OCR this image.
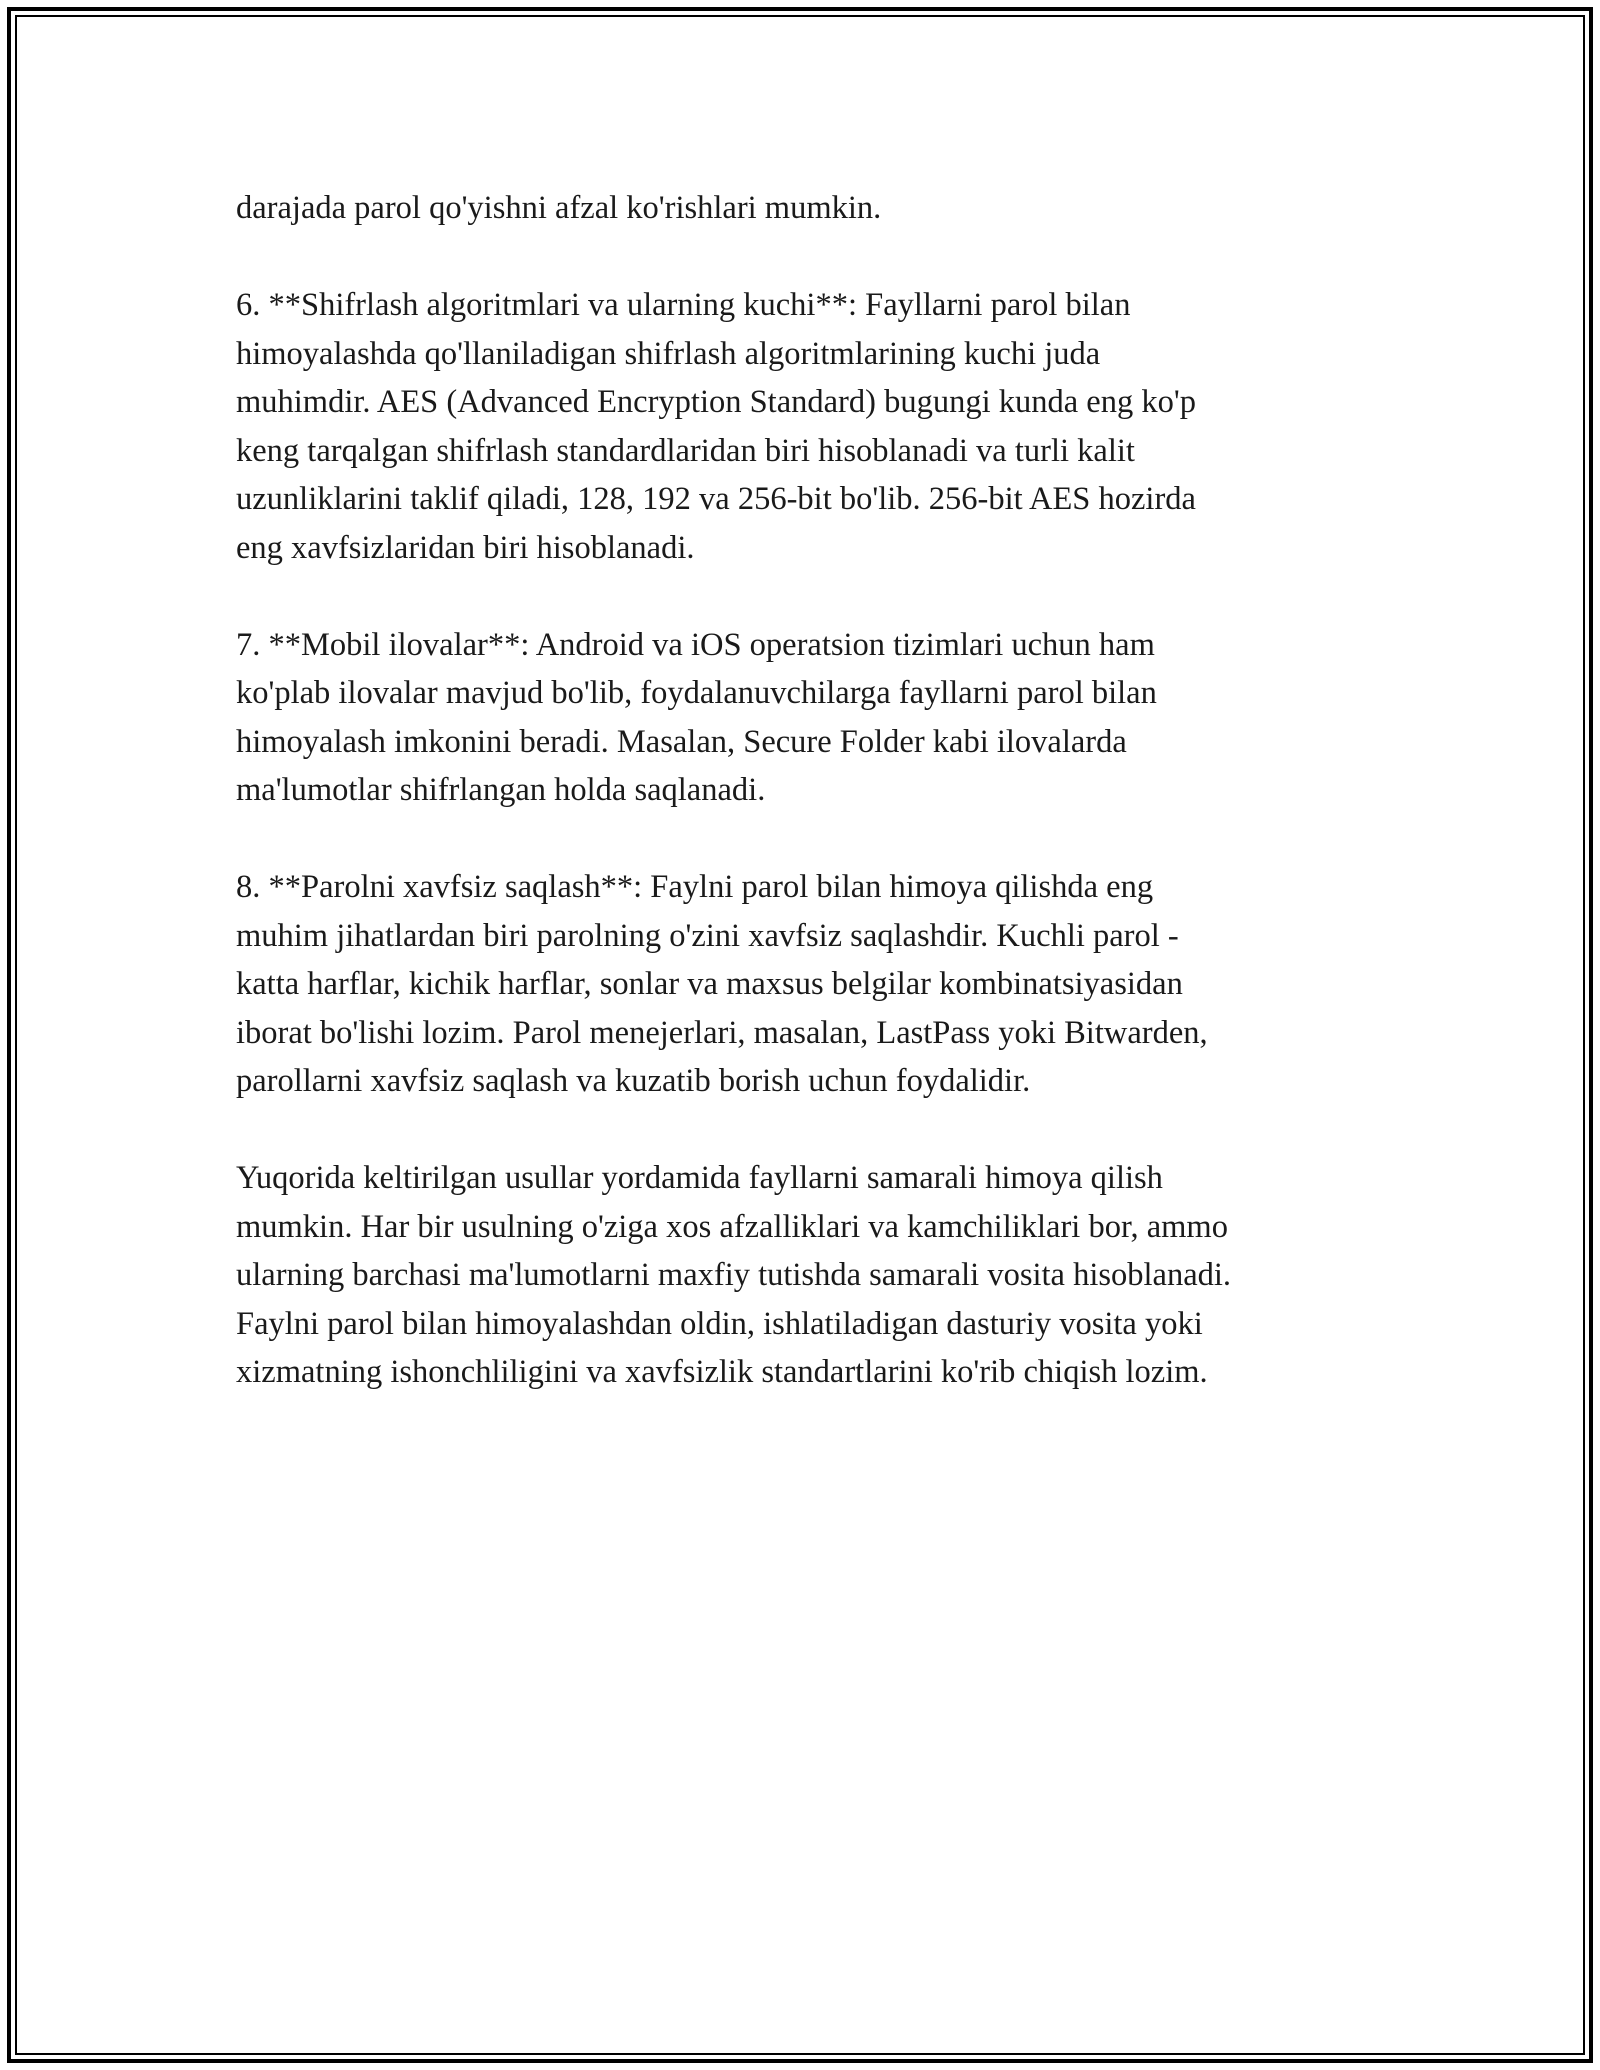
darajada parol qo'yishni afzal ko'rishlari mumkin.

6. **Shifrlash algoritmlari va ularning kuchi**: Fayllarni parol bilan
himoyalashda qo'llaniladigan shifrlash algoritmlarining kuchi juda
muhimdir. AES (Advanced Encryption Standard) bugungi kunda eng ko'p
keng tarqalgan shifrlash standardlaridan biri hisoblanadi va turli kalit
uzunliklarini taklif qiladi, 128, 192 va 256-bit bo'lib. 256-bit AES hozirda
eng xavfsizlaridan biri hisoblanadi.

7. **Mobil ilovalar**: Android va iOS operatsion tizimlari uchun ham
ko'plab ilovalar mavjud bo'lib, foydalanuvchilarga fayllarni parol bilan
himoyalash imkonini beradi. Masalan, Secure Folder kabi ilovalarda
ma'lumotlar shifrlangan holda saqlanadi.

8. **Parolni xavfsiz saqlash**: Faylni parol bilan himoya qilishda eng
muhim jihatlardan biri parolning o'zini xavfsiz saqlashdir. Kuchli parol -
katta harflar, kichik harflar, sonlar va maxsus belgilar kombinatsiyasidan
iborat bo'lishi lozim. Parol menejerlari, masalan, LastPass yoki Bitwarden,
parollarni xavfsiz saqlash va kuzatib borish uchun foydalidir.

Yuqorida keltirilgan usullar yordamida fayllarni samarali himoya qilish
mumkin. Har bir usulning o'ziga xos afzalliklari va kamchiliklari bor, ammo
ularning barchasi ma'lumotlarni maxfiy tutishda samarali vosita hisoblanadi.
Faylni parol bilan himoyalashdan oldin, ishlatiladigan dasturiy vosita yoki
xizmatning ishonchliligini va xavfsizlik standartlarini ko'rib chiqish lozim.
